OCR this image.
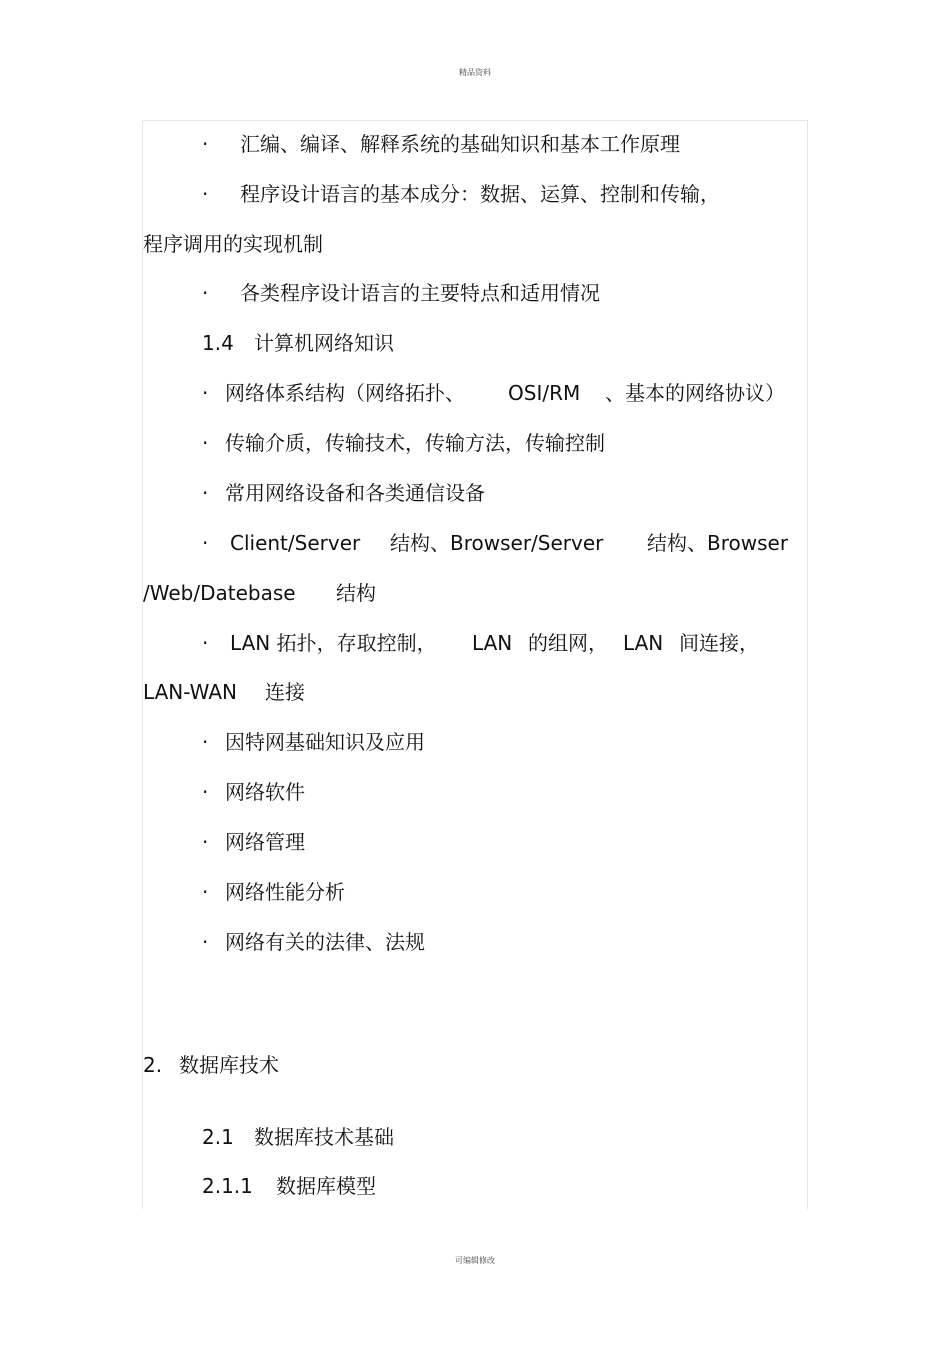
精品资料
· 汇编、编译、解释系统的基础知识和基本工作原理
· 程序设计语言的基本成分：数据、运算、控制和传输，
程序调用的实现机制
· 各类程序设计语言的主要特点和适用情况
1.4 计算机网络知识
· 网络体系结构（网络拓扑、 OSI/RM 、基本的网络协议）
· 传输介质，传输技术，传输方法，传输控制
· 常用网络设备和各类通信设备
· Client/Server 结构、Browser/Server 结构、Browser
/Web/Datebase 结构
· LAN 拓扑，存取控制， LAN 的组网， LAN 间连接，
LAN-WAN 连接
· 因特网基础知识及应用
· 网络软件
· 网络管理
· 网络性能分析
· 网络有关的法律、法规
2. 数据库技术
2.1 数据库技术基础
2.1.1 数据库模型
可编辑修改
